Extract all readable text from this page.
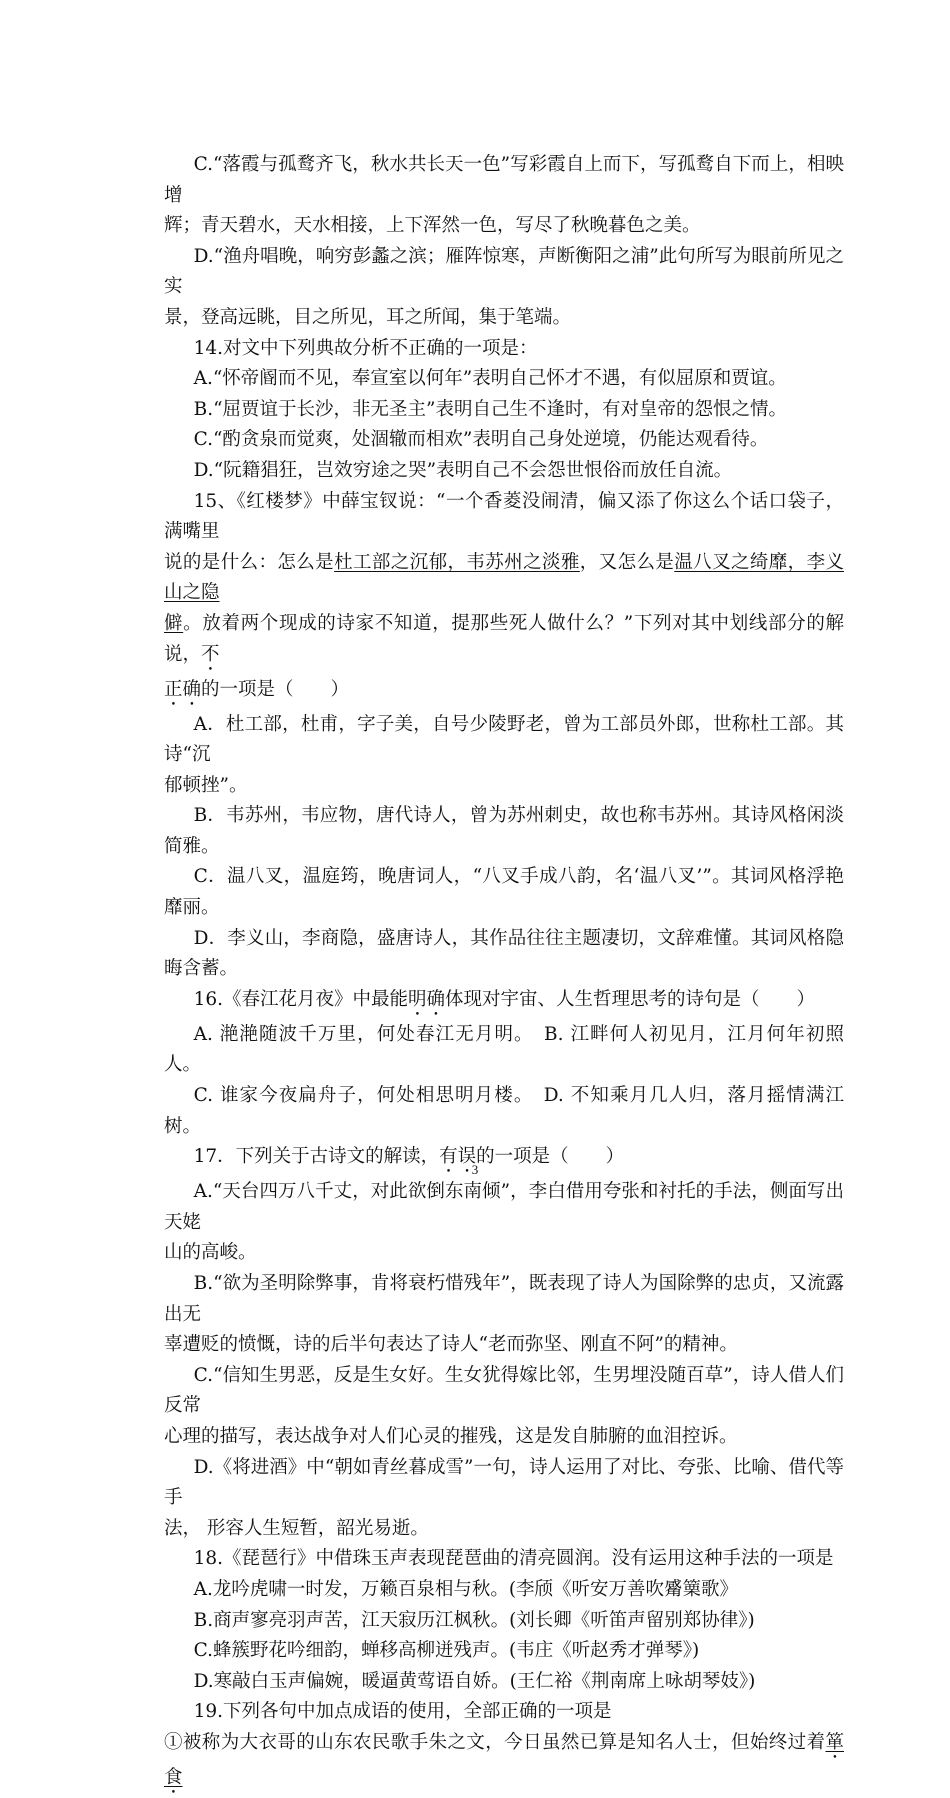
C.“落霞与孤鹜齐飞，秋水共长天一色”写彩霞自上而下，写孤鹜自下而上，相映增

辉；青天碧水，天水相接，上下浑然一色，写尽了秋晚暮色之美。

D.“渔舟唱晚，响穷彭蠡之滨；雁阵惊寒，声断衡阳之浦”此句所写为眼前所见之实

景，登高远眺，目之所见，耳之所闻，集于笔端。

14.对文中下列典故分析不正确的一项是：

A.“怀帝阍而不见，奉宣室以何年”表明自己怀才不遇，有似屈原和贾谊。

B.“屈贾谊于长沙，非无圣主”表明自己生不逢时，有对皇帝的怨恨之情。

C.“酌贪泉而觉爽，处涸辙而相欢”表明自己身处逆境，仍能达观看待。

D.“阮籍猖狂，岂效穷途之哭”表明自己不会怨世恨俗而放任自流。

15、《红楼梦》中薛宝钗说：“一个香菱没闹清，偏又添了你这么个话口袋子，满嘴里

说的是什么：怎么是杜工部之沉郁，韦苏州之淡雅，又怎么是温八叉之绮靡，李义山之隐

僻。放着两个现成的诗家不知道，提那些死人做什么？”下列对其中划线部分的解说，不

正确的一项是（　　）

A．杜工部，杜甫，字子美，自号少陵野老，曾为工部员外郎，世称杜工部。其诗“沉

郁顿挫”。

B．韦苏州，韦应物，唐代诗人，曾为苏州刺史，故也称韦苏州。其诗风格闲淡简雅。

C．温八叉，温庭筠，晚唐词人，“八叉手成八韵，名‘温八叉’”。其词风格浮艳靡丽。

D．李义山，李商隐，盛唐诗人，其作品往往主题凄切，文辞难懂。其词风格隐晦含蓄。

16.《春江花月夜》中最能明确体现对宇宙、人生哲理思考的诗句是（　　）

A. 滟滟随波千万里，何处春江无月明。　B. 江畔何人初见月，江月何年初照人。

C. 谁家今夜扁舟子，何处相思明月楼。　D. 不知乘月几人归，落月摇情满江树。

17．下列关于古诗文的解读，有误的一项是（　　）

A.“天台四万八千丈，对此欲倒东南倾”，李白借用夸张和衬托的手法，侧面写出天姥

山的高峻。

B.“欲为圣明除弊事，肯将衰朽惜残年”，既表现了诗人为国除弊的忠贞，又流露出无

辜遭贬的愤慨，诗的后半句表达了诗人“老而弥坚、刚直不阿”的精神。

C.“信知生男恶，反是生女好。生女犹得嫁比邻，生男埋没随百草”，诗人借人们反常

心理的描写，表达战争对人们心灵的摧残，这是发自肺腑的血泪控诉。

D.《将进酒》中“朝如青丝暮成雪”一句，诗人运用了对比、夸张、比喻、借代等手

法， 形容人生短暂，韶光易逝。

18.《琵琶行》中借珠玉声表现琵琶曲的清亮圆润。没有运用这种手法的一项是

A.龙吟虎啸一时发，万籁百泉相与秋。(李颀《听安万善吹觱篥歌》

B.商声寥亮羽声苦，江天寂历江枫秋。(刘长卿《听笛声留别郑协律》)

C.蜂簇野花吟细韵，蝉移高柳迸残声。(韦庄《听赵秀才弹琴》)

D.寒敲白玉声偏婉，暖逼黄莺语自娇。(王仁裕《荆南席上咏胡琴妓》)

19.下列各句中加点成语的使用，全部正确的一项是

①被称为大衣哥的山东农民歌手朱之文，今日虽然已算是知名人士，但始终过着箪食

3
